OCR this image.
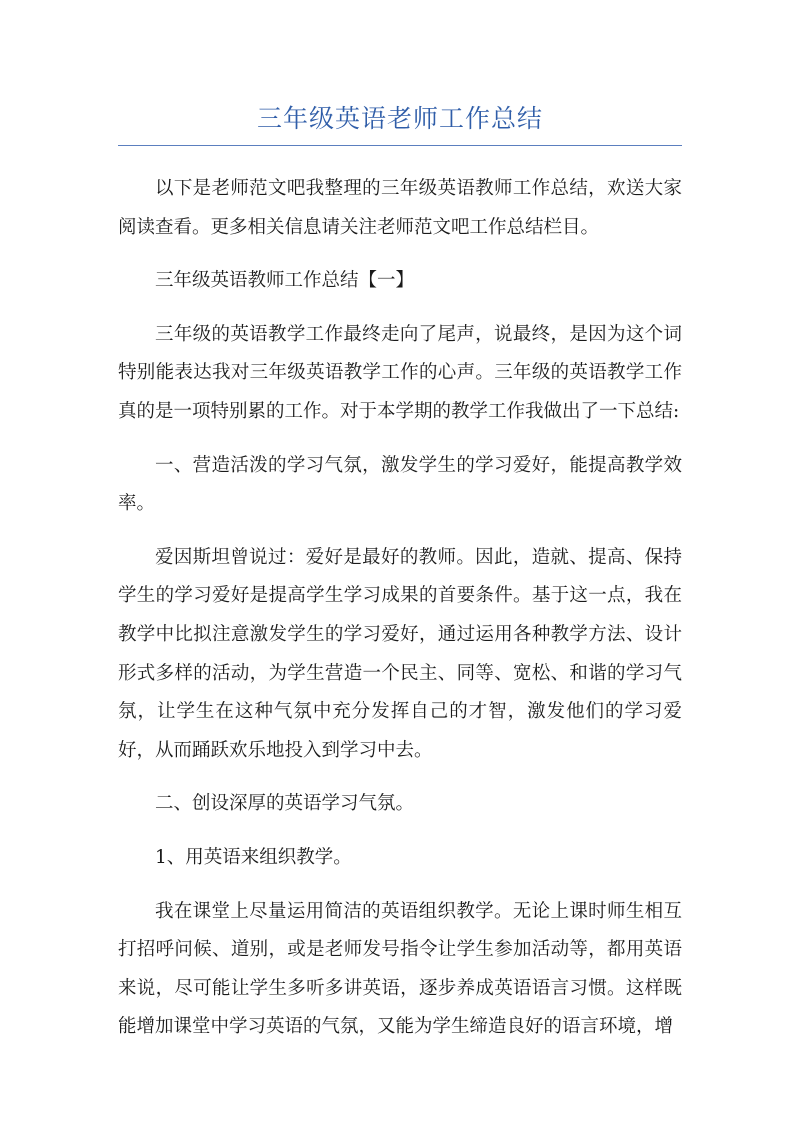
三年级英语老师工作总结

以下是老师范文吧我整理的三年级英语教师工作总结，欢送大家阅读查看。更多相关信息请关注老师范文吧工作总结栏目。

三年级英语教师工作总结【一】

三年级的英语教学工作最终走向了尾声，说最终，是因为这个词特别能表达我对三年级英语教学工作的心声。三年级的英语教学工作真的是一项特别累的工作。对于本学期的教学工作我做出了一下总结:

一、营造活泼的学习气氛，激发学生的学习爱好，能提高教学效率。

爱因斯坦曾说过：爱好是最好的教师。因此，造就、提高、保持学生的学习爱好是提高学生学习成果的首要条件。基于这一点，我在教学中比拟注意激发学生的学习爱好，通过运用各种教学方法、设计形式多样的活动，为学生营造一个民主、同等、宽松、和谐的学习气氛，让学生在这种气氛中充分发挥自己的才智，激发他们的学习爱好，从而踊跃欢乐地投入到学习中去。

二、创设深厚的英语学习气氛。

1、用英语来组织教学。

我在课堂上尽量运用简洁的英语组织教学。无论上课时师生相互打招呼问候、道别，或是老师发号指令让学生参加活动等，都用英语来说，尽可能让学生多听多讲英语，逐步养成英语语言习惯。这样既能增加课堂中学习英语的气氛，又能为学生缔造良好的语言环境，增
